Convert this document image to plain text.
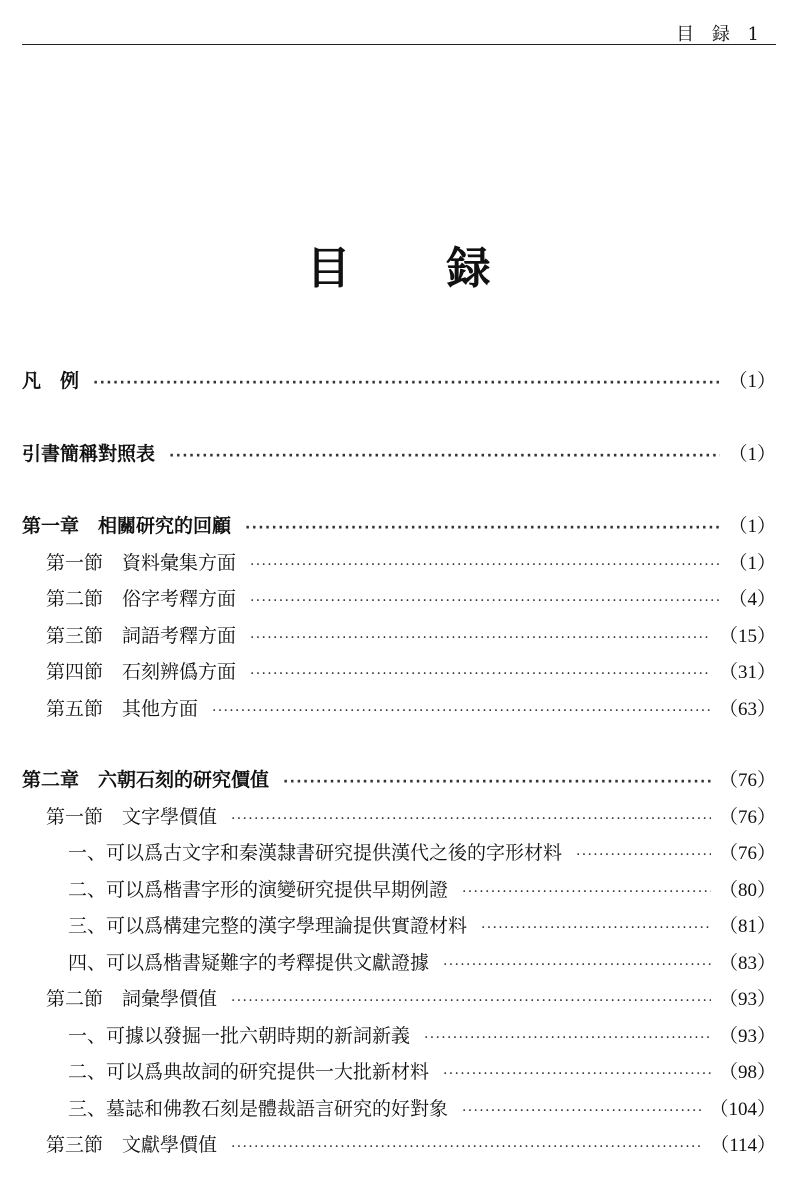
目 録 1
目 録
凡　例 ·····	（1）
引書簡稱對照表 ·····	（1）
第一章　相關研究的回顧 ·····	（1）
第一節　資料彙集方面 ·····	（1）
第二節　俗字考釋方面 ·····	（4）
第三節　詞語考釋方面 ·····	（15）
第四節　石刻辨僞方面 ·····	（31）
第五節　其他方面 ·····	（63）
第二章　六朝石刻的研究價值 ·····	（76）
第一節　文字學價值 ·····	（76）
一、可以爲古文字和秦漢隸書研究提供漢代之後的字形材料 ·····	（76）
二、可以爲楷書字形的演變研究提供早期例證 ·····	（80）
三、可以爲構建完整的漢字學理論提供實證材料 ·····	（81）
四、可以爲楷書疑難字的考釋提供文獻證據 ·····	（83）
第二節　詞彙學價值 ·····	（93）
一、可據以發掘一批六朝時期的新詞新義 ·····	（93）
二、可以爲典故詞的研究提供一大批新材料 ·····	（98）
三、墓誌和佛教石刻是體裁語言研究的好對象 ·····	（104）
第三節　文獻學價值 ·····	（114）
